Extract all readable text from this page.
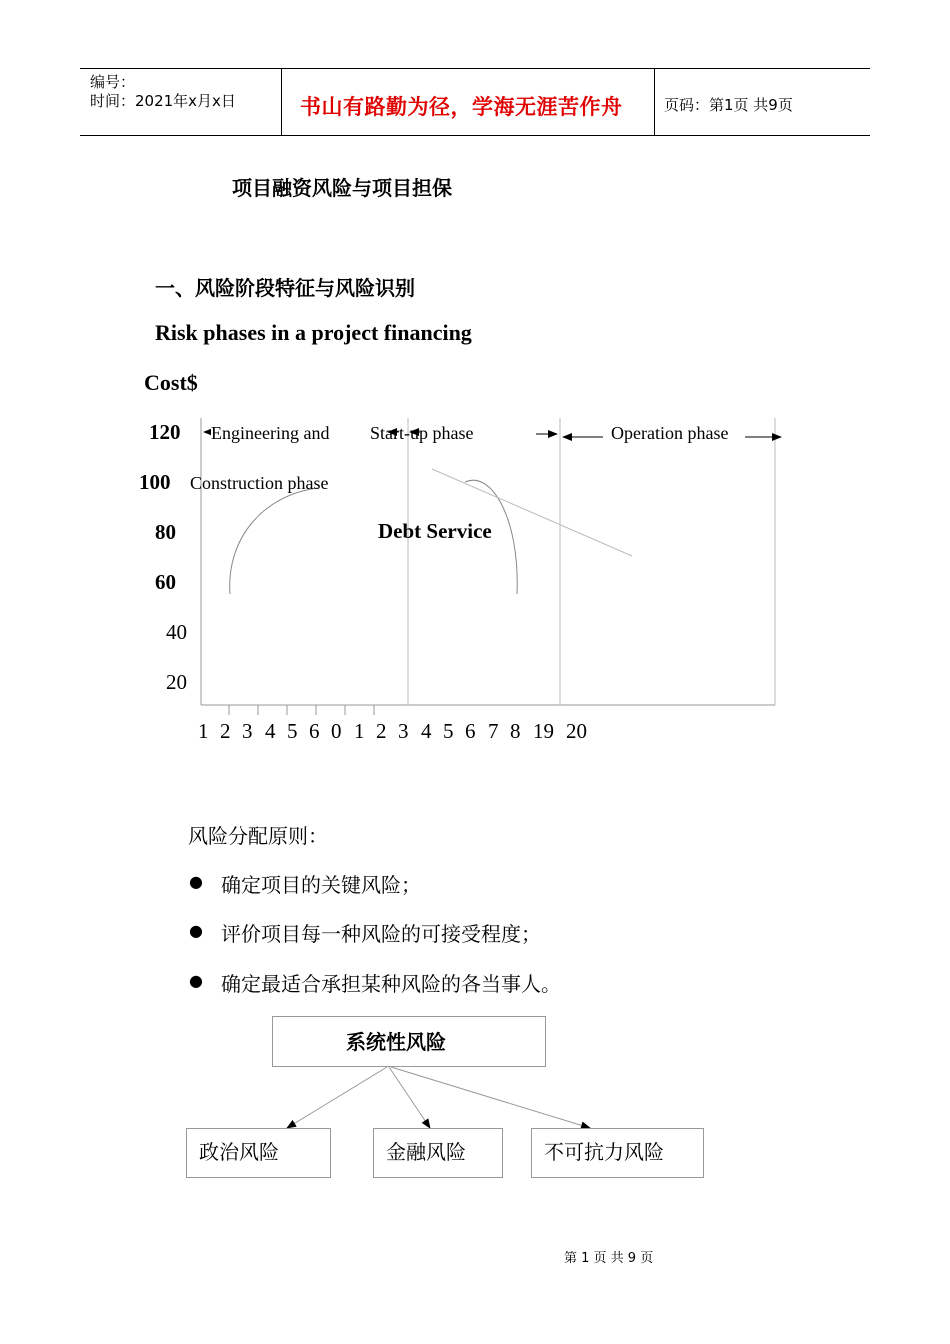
编号：
时间：2021年x月x日	书山有路勤为径，学海无涯苦作舟	页码：第1页 共9页
项目融资风险与项目担保
一、风险阶段特征与风险识别
Risk phases in a project financing
Cost$
120
100
80
60
40
20
Engineering and
Construction phase
Start-up phase	Operation phase
Debt Service
1 2 3 4 5 6 0 1 2 3 4 5 6 7 8 19 20
风险分配原则：
● 确定项目的关键风险；
● 评价项目每一种风险的可接受程度；
● 确定最适合承担某种风险的各当事人。
系统性风险
政治风险	金融风险	不可抗力风险
第 1 页 共 9 页
